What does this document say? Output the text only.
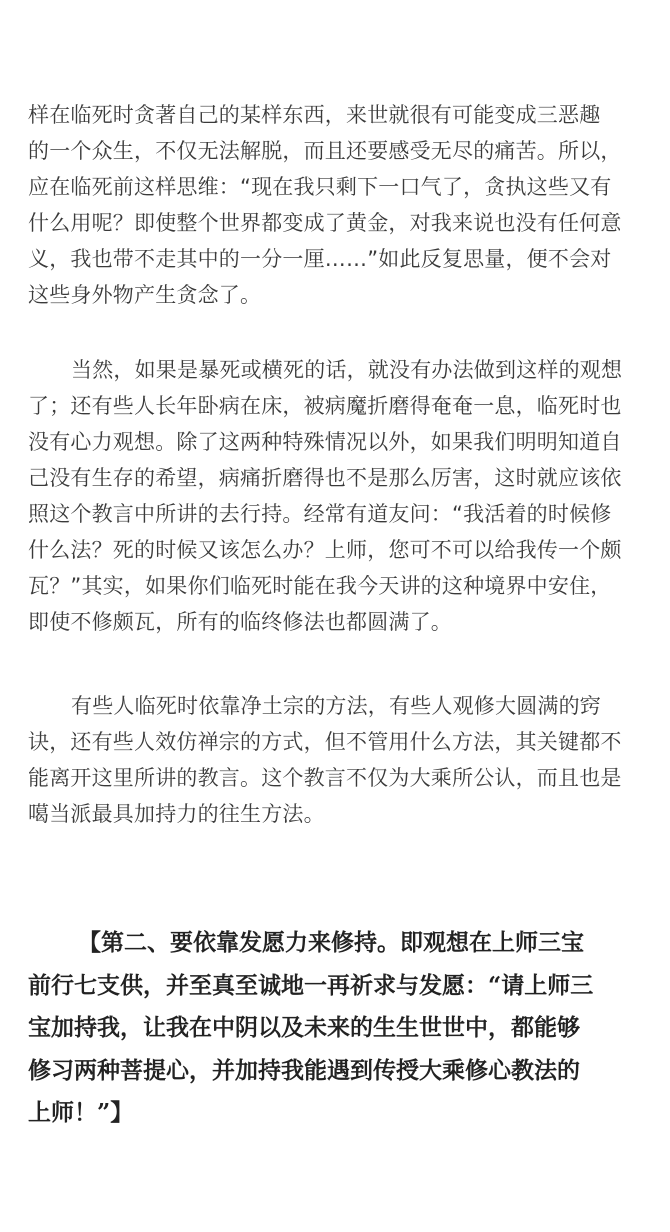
样在临死时贪著自己的某样东西，来世就很有可能变成三恶趣
的一个众生，不仅无法解脱，而且还要感受无尽的痛苦。所以，
应在临死前这样思维：“现在我只剩下一口气了，贪执这些又有
什么用呢？即使整个世界都变成了黄金，对我来说也没有任何意
义，我也带不走其中的一分一厘……”如此反复思量，便不会对
这些身外物产生贪念了。

当然，如果是暴死或横死的话，就没有办法做到这样的观想
了；还有些人长年卧病在床，被病魔折磨得奄奄一息，临死时也
没有心力观想。除了这两种特殊情况以外，如果我们明明知道自
己没有生存的希望，病痛折磨得也不是那么厉害，这时就应该依
照这个教言中所讲的去行持。经常有道友问：“我活着的时候修
什么法？死的时候又该怎么办？上师，您可不可以给我传一个颇
瓦？”其实，如果你们临死时能在我今天讲的这种境界中安住，
即使不修颇瓦，所有的临终修法也都圆满了。

有些人临死时依靠净土宗的方法，有些人观修大圆满的窍
诀，还有些人效仿禅宗的方式，但不管用什么方法，其关键都不
能离开这里所讲的教言。这个教言不仅为大乘所公认，而且也是
噶当派最具加持力的往生方法。

【第二、要依靠发愿力来修持。即观想在上师三宝
前行七支供，并至真至诚地一再祈求与发愿：“请上师三
宝加持我，让我在中阴以及未来的生生世世中，都能够
修习两种菩提心，并加持我能遇到传授大乘修心教法的
上师！”】
